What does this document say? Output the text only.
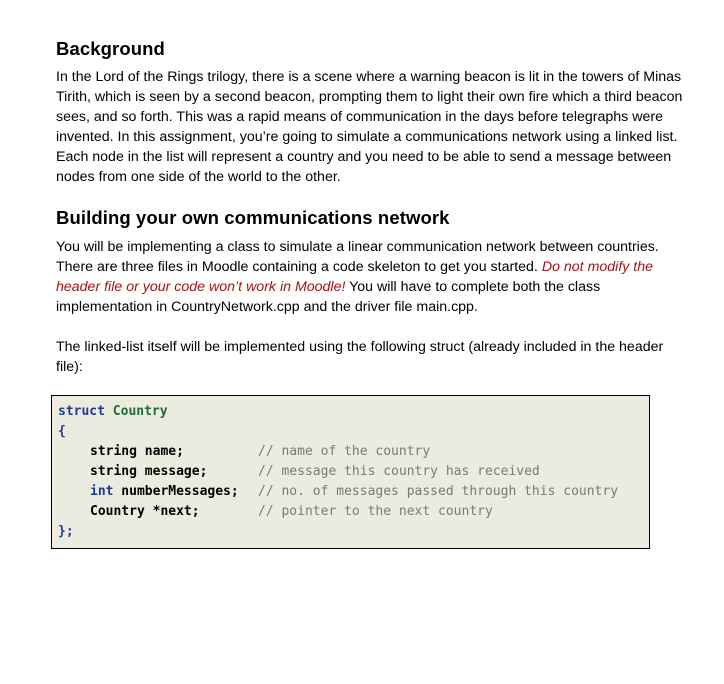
Background

In the Lord of the Rings trilogy, there is a scene where a warning beacon is lit in the towers of Minas Tirith, which is seen by a second beacon, prompting them to light their own fire which a third beacon sees, and so forth. This was a rapid means of communication in the days before telegraphs were invented. In this assignment, you’re going to simulate a communications network using a linked list. Each node in the list will represent a country and you need to be able to send a message between nodes from one side of the world to the other.

Building your own communications network

You will be implementing a class to simulate a linear communication network between countries. There are three files in Moodle containing a code skeleton to get you started. Do not modify the header file or your code won’t work in Moodle! You will have to complete both the class implementation in CountryNetwork.cpp and the driver file main.cpp.

The linked-list itself will be implemented using the following struct (already included in the header file):

struct Country
{
string name;	// name of the country
string message;	// message this country has received
int numberMessages; // no. of messages passed through this country
Country *next;	// pointer to the next country
};
